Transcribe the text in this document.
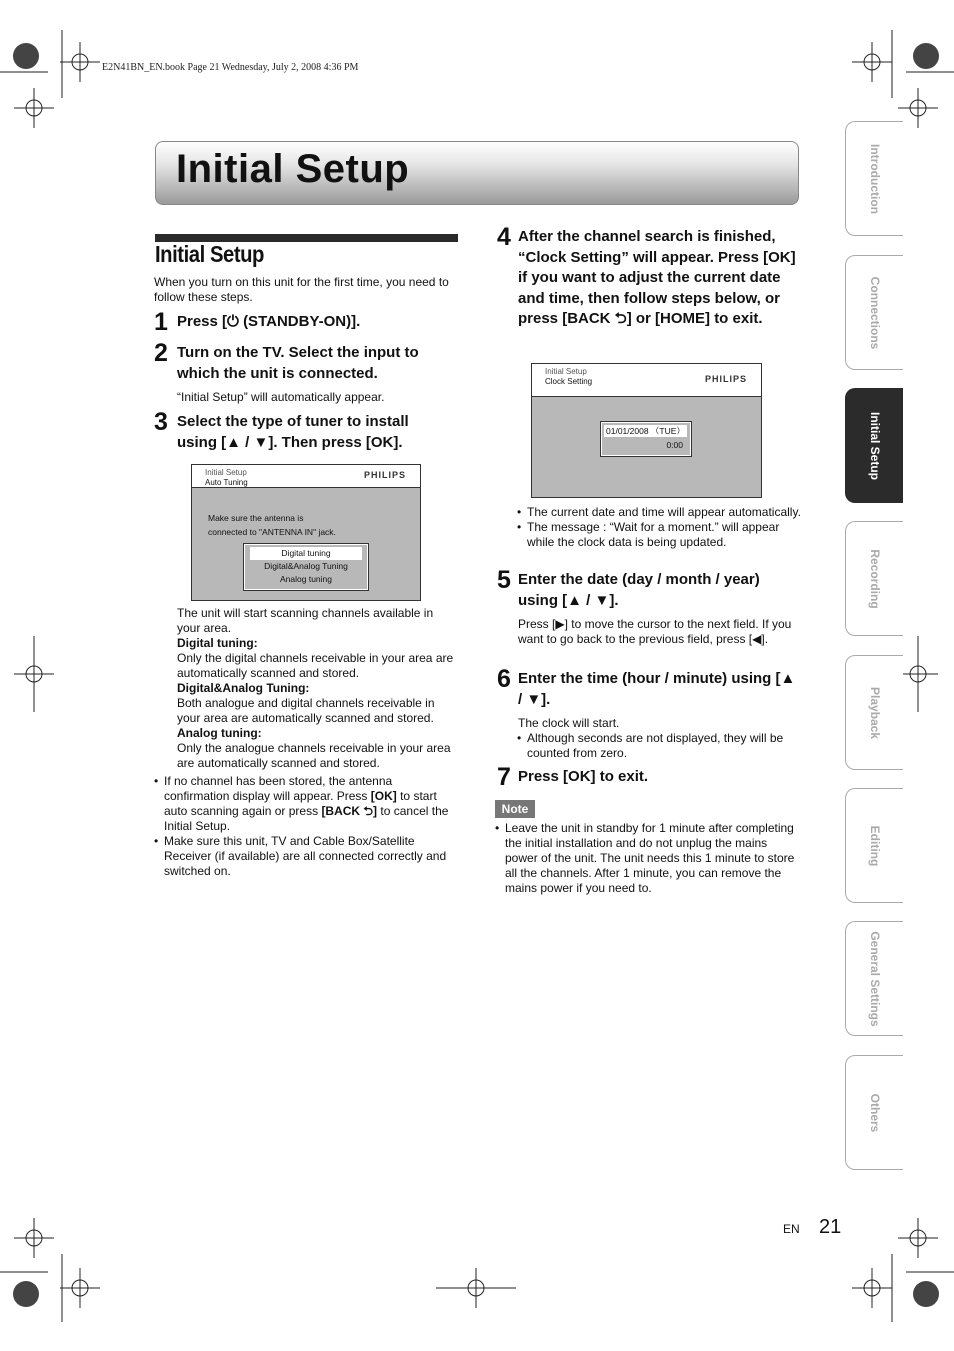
E2N41BN_EN.book Page 21 Wednesday, July 2, 2008 4:36 PM
Initial Setup	Introduction
Connections
Initial Setup
Recording
Playback
Editing
General Settings
Others
Initial Setup
When you turn on this unit for the first time, you need to follow these steps.
1 Press [⏻ (STANDBY-ON)].
2 Turn on the TV. Select the input to which the unit is connected.
“Initial Setup” will automatically appear.
3 Select the type of tuner to install using [▲ / ▼]. Then press [OK].
Initial Setup
Auto Tuning
PHILIPS
Make sure the antenna is
connected to "ANTENNA IN" jack.
Digital tuning
Digital&Analog Tuning
Analog tuning
The unit will start scanning channels available in your area.
Digital tuning:
Only the digital channels receivable in your area are automatically scanned and stored.
Digital&Analog Tuning:
Both analogue and digital channels receivable in your area are automatically scanned and stored.
Analog tuning:
Only the analogue channels receivable in your area are automatically scanned and stored.
• If no channel has been stored, the antenna confirmation display will appear. Press [OK] to start auto scanning again or press [BACK ⮌] to cancel the Initial Setup.
• Make sure this unit, TV and Cable Box/Satellite Receiver (if available) are all connected correctly and switched on.
4 After the channel search is finished, “Clock Setting” will appear. Press [OK] if you want to adjust the current date and time, then follow steps below, or press [BACK ⮌] or [HOME] to exit.
Initial Setup
Clock Setting	PHILIPS
01/01/2008 （TUE）
0:00
• The current date and time will appear automatically.
• The message : “Wait for a moment.” will appear while the clock data is being updated.
5 Enter the date (day / month / year) using [▲ / ▼].
Press [▶] to move the cursor to the next field. If you want to go back to the previous field, press [◀].
6 Enter the time (hour / minute) using [▲ / ▼].
The clock will start.
• Although seconds are not displayed, they will be counted from zero.
7 Press [OK] to exit.
Note
• Leave the unit in standby for 1 minute after completing the initial installation and do not unplug the mains power of the unit. The unit needs this 1 minute to store all the channels. After 1 minute, you can remove the mains power if you need to.
EN 21
